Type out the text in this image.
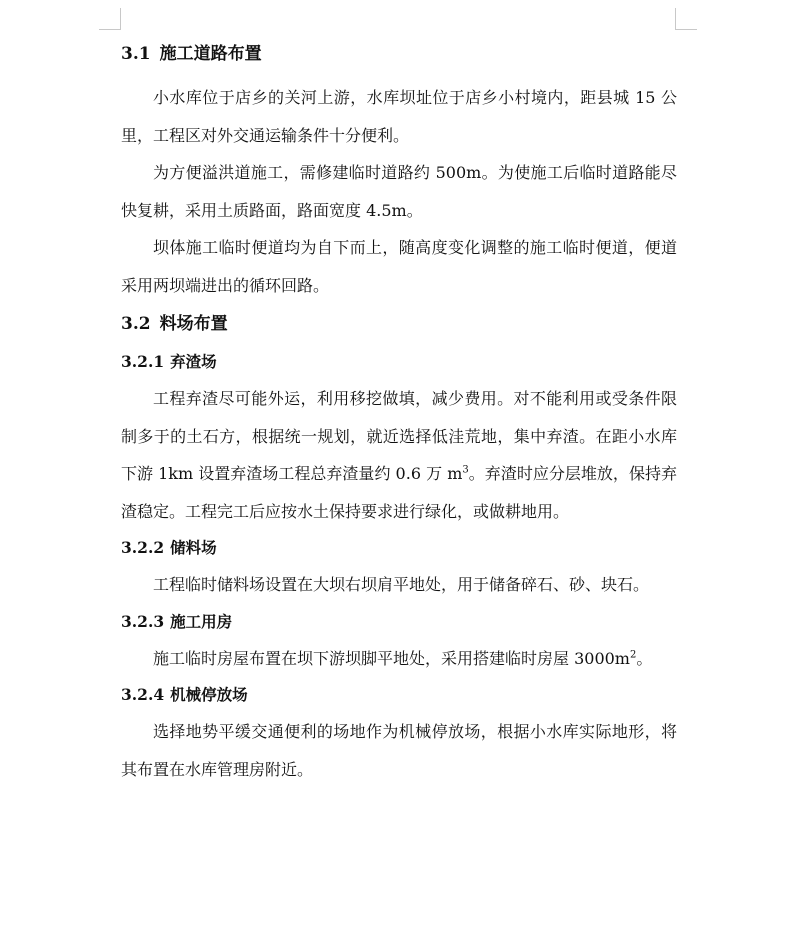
3.1 施工道路布置

小水库位于店乡的关河上游，水库坝址位于店乡小村境内，距县城 15 公里，工程区对外交通运输条件十分便利。

为方便溢洪道施工，需修建临时道路约 500m。为使施工后临时道路能尽快复耕，采用土质路面，路面宽度 4.5m。

坝体施工临时便道均为自下而上，随高度变化调整的施工临时便道，便道采用两坝端进出的循环回路。

3.2 料场布置
3.2.1 弃渣场

工程弃渣尽可能外运，利用移挖做填，减少费用。对不能利用或受条件限制多于的土石方，根据统一规划，就近选择低洼荒地，集中弃渣。在距小水库下游 1km 设置弃渣场工程总弃渣量约 0.6 万 $m^3$。弃渣时应分层堆放，保持弃渣稳定。工程完工后应按水土保持要求进行绿化，或做耕地用。

3.2.2 储料场

工程临时储料场设置在大坝右坝肩平地处，用于储备碎石、砂、块石。

3.2.3 施工用房

施工临时房屋布置在坝下游坝脚平地处，采用搭建临时房屋 $3000m^2$。

3.2.4 机械停放场

选择地势平缓交通便利的场地作为机械停放场，根据小水库实际地形，将其布置在水库管理房附近。
